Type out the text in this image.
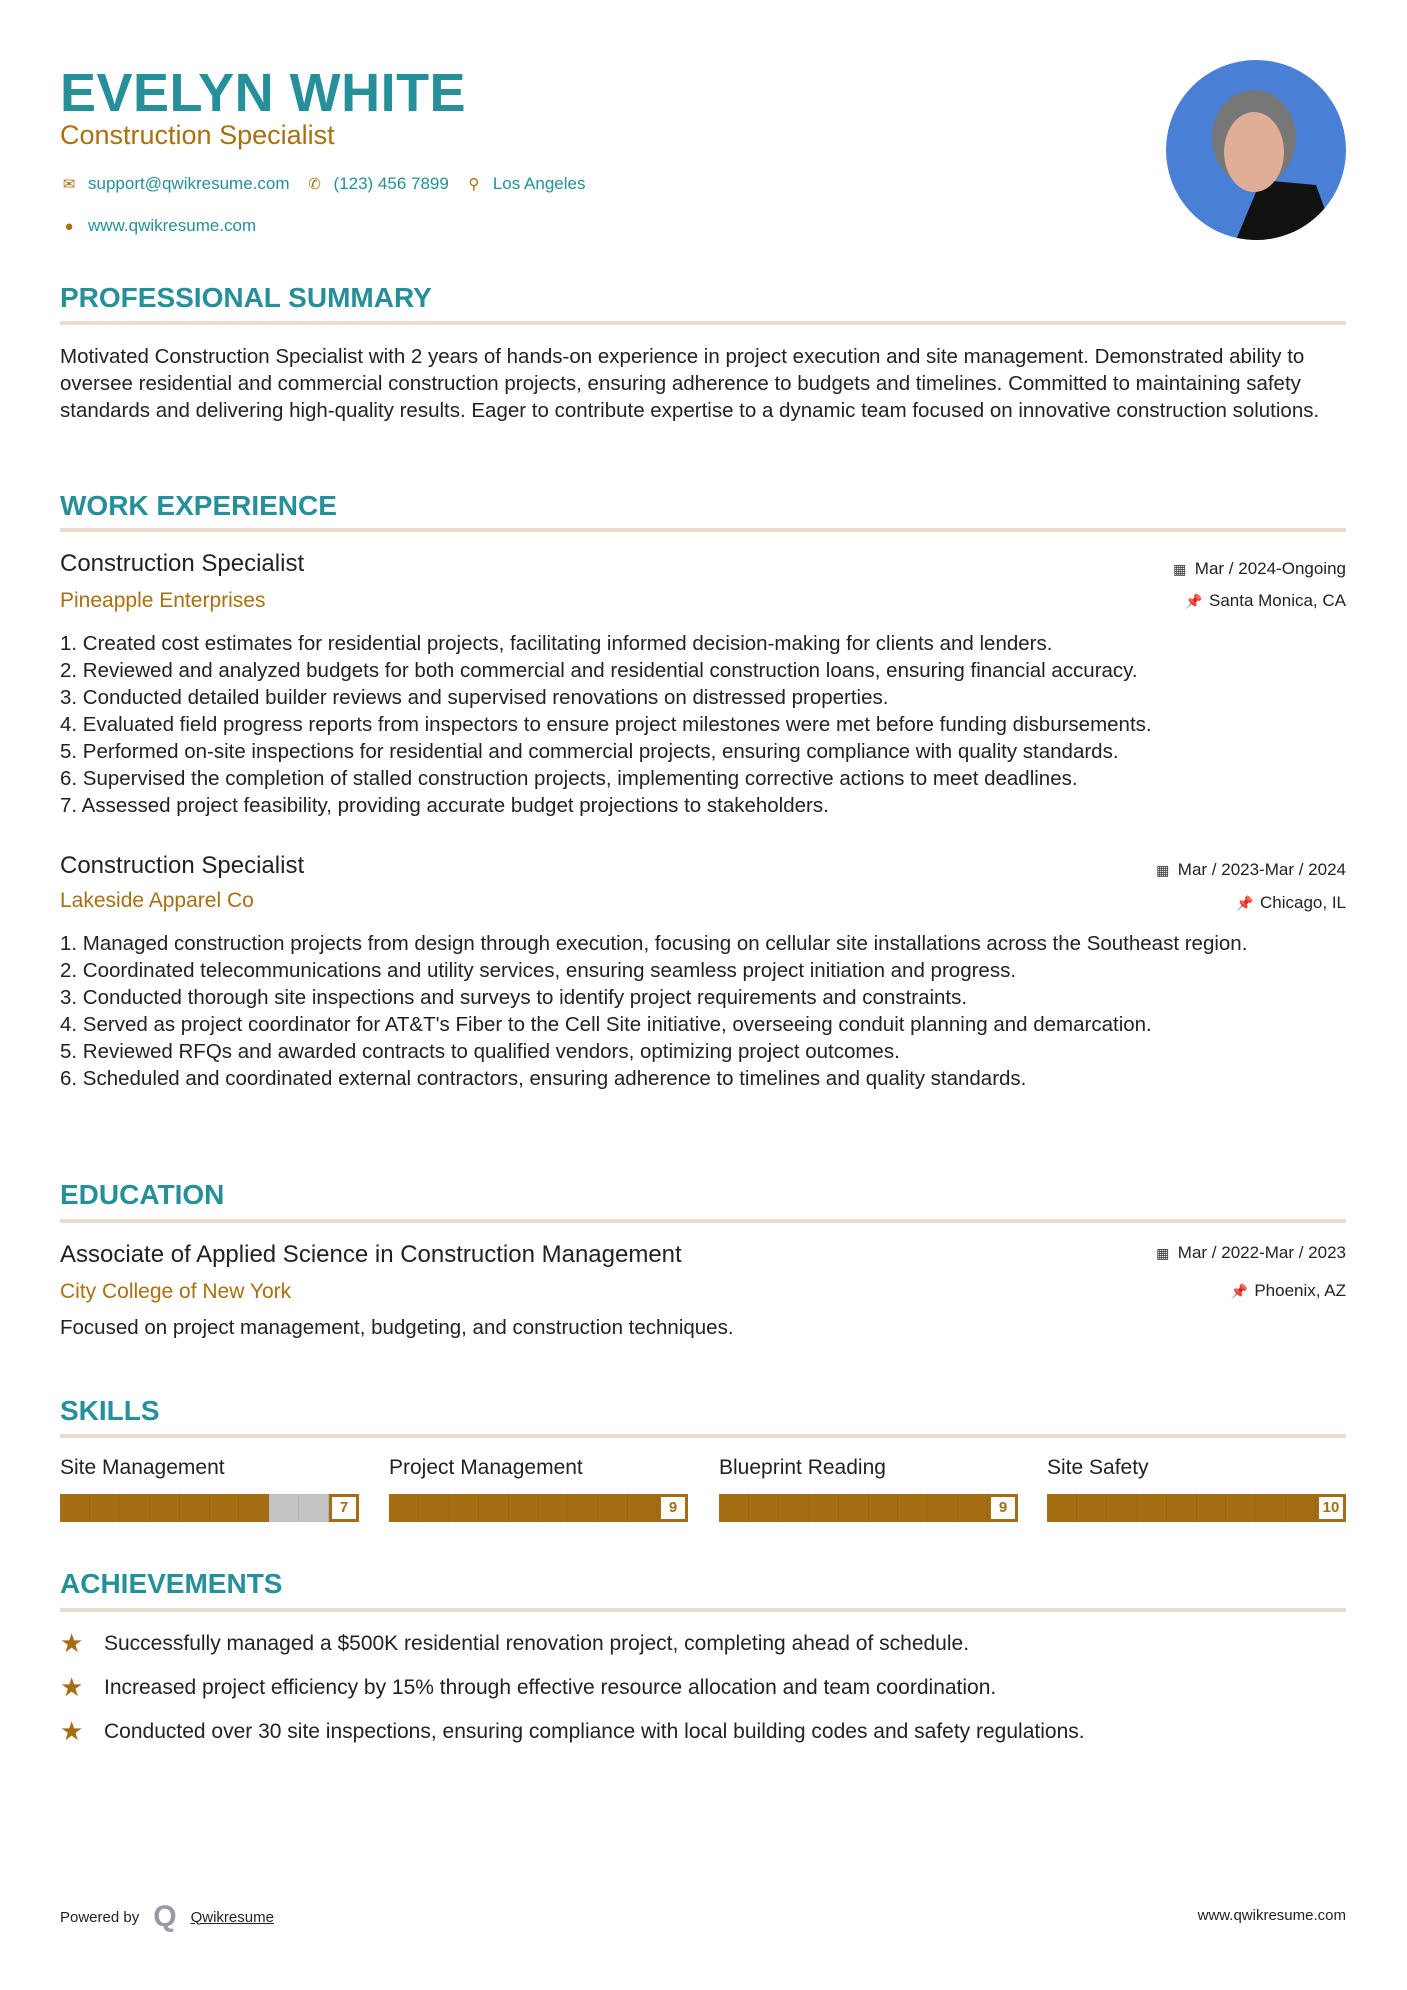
EVELYN WHITE
Construction Specialist
✉ support@qwikresume.com ✆ (123) 456 7899 ⚲ Los Angeles
● www.qwikresume.com
PROFESSIONAL SUMMARY
Motivated Construction Specialist with 2 years of hands-on experience in project execution and site management. Demonstrated ability to oversee residential and commercial construction projects, ensuring adherence to budgets and timelines. Committed to maintaining safety standards and delivering high-quality results. Eager to contribute expertise to a dynamic team focused on innovative construction solutions.
WORK EXPERIENCE
Construction Specialist
Pineapple Enterprises
▦ Mar / 2024-Ongoing
📌 Santa Monica, CA
1. Created cost estimates for residential projects, facilitating informed decision-making for clients and lenders.
2. Reviewed and analyzed budgets for both commercial and residential construction loans, ensuring financial accuracy.
3. Conducted detailed builder reviews and supervised renovations on distressed properties.
4. Evaluated field progress reports from inspectors to ensure project milestones were met before funding disbursements.
5. Performed on-site inspections for residential and commercial projects, ensuring compliance with quality standards.
6. Supervised the completion of stalled construction projects, implementing corrective actions to meet deadlines.
7. Assessed project feasibility, providing accurate budget projections to stakeholders.
Construction Specialist
Lakeside Apparel Co
▦ Mar / 2023-Mar / 2024
📌 Chicago, IL
1. Managed construction projects from design through execution, focusing on cellular site installations across the Southeast region.
2. Coordinated telecommunications and utility services, ensuring seamless project initiation and progress.
3. Conducted thorough site inspections and surveys to identify project requirements and constraints.
4. Served as project coordinator for AT&T's Fiber to the Cell Site initiative, overseeing conduit planning and demarcation.
5. Reviewed RFQs and awarded contracts to qualified vendors, optimizing project outcomes.
6. Scheduled and coordinated external contractors, ensuring adherence to timelines and quality standards.
EDUCATION
Associate of Applied Science in Construction Management
City College of New York
▦ Mar / 2022-Mar / 2023
📌 Phoenix, AZ
Focused on project management, budgeting, and construction techniques.
SKILLS
Site Management
7
Project Management
9
Blueprint Reading
9
Site Safety
10
ACHIEVEMENTS
★ Successfully managed a $500K residential renovation project, completing ahead of schedule.
★ Increased project efficiency by 15% through effective resource allocation and team coordination.
★ Conducted over 30 site inspections, ensuring compliance with local building codes and safety regulations.
Powered by Q Qwikresume	www.qwikresume.com
